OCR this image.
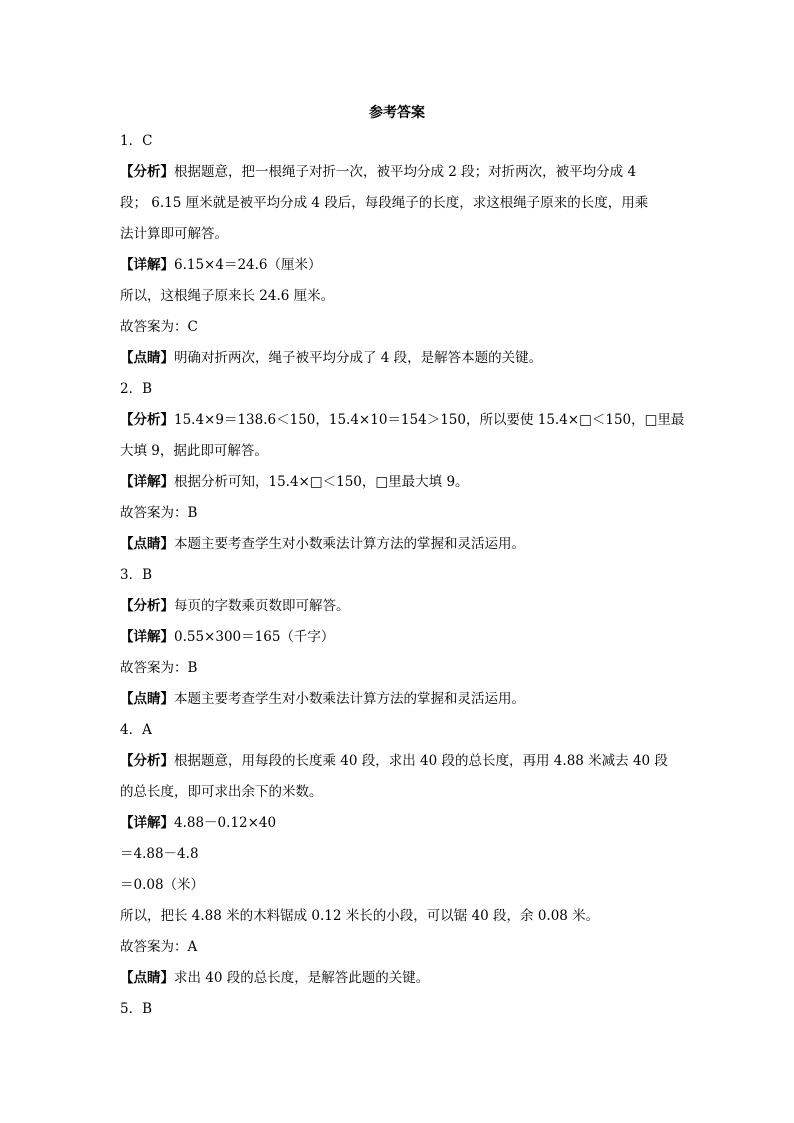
参考答案
1．C
【分析】根据题意，把一根绳子对折一次，被平均分成 2 段；对折两次，被平均分成 4
段； 6.15 厘米就是被平均分成 4 段后，每段绳子的长度，求这根绳子原来的长度，用乘
法计算即可解答。
【详解】6.15×4＝24.6（厘米）
所以，这根绳子原来长 24.6 厘米。
故答案为：C
【点睛】明确对折两次，绳子被平均分成了 4 段，是解答本题的关键。
2．B
【分析】15.4×9＝138.6＜150，15.4×10＝154＞150，所以要使 15.4×□＜150，□里最
大填 9，据此即可解答。
【详解】根据分析可知，15.4×□＜150，□里最大填 9。
故答案为：B
【点睛】本题主要考查学生对小数乘法计算方法的掌握和灵活运用。
3．B
【分析】每页的字数乘页数即可解答。
【详解】0.55×300＝165（千字）
故答案为：B
【点睛】本题主要考查学生对小数乘法计算方法的掌握和灵活运用。
4．A
【分析】根据题意，用每段的长度乘 40 段，求出 40 段的总长度，再用 4.88 米减去 40 段
的总长度，即可求出余下的米数。
【详解】4.88－0.12×40
＝4.88－4.8
＝0.08（米）
所以，把长 4.88 米的木料锯成 0.12 米长的小段，可以锯 40 段，余 0.08 米。
故答案为：A
【点睛】求出 40 段的总长度，是解答此题的关键。
5．B
